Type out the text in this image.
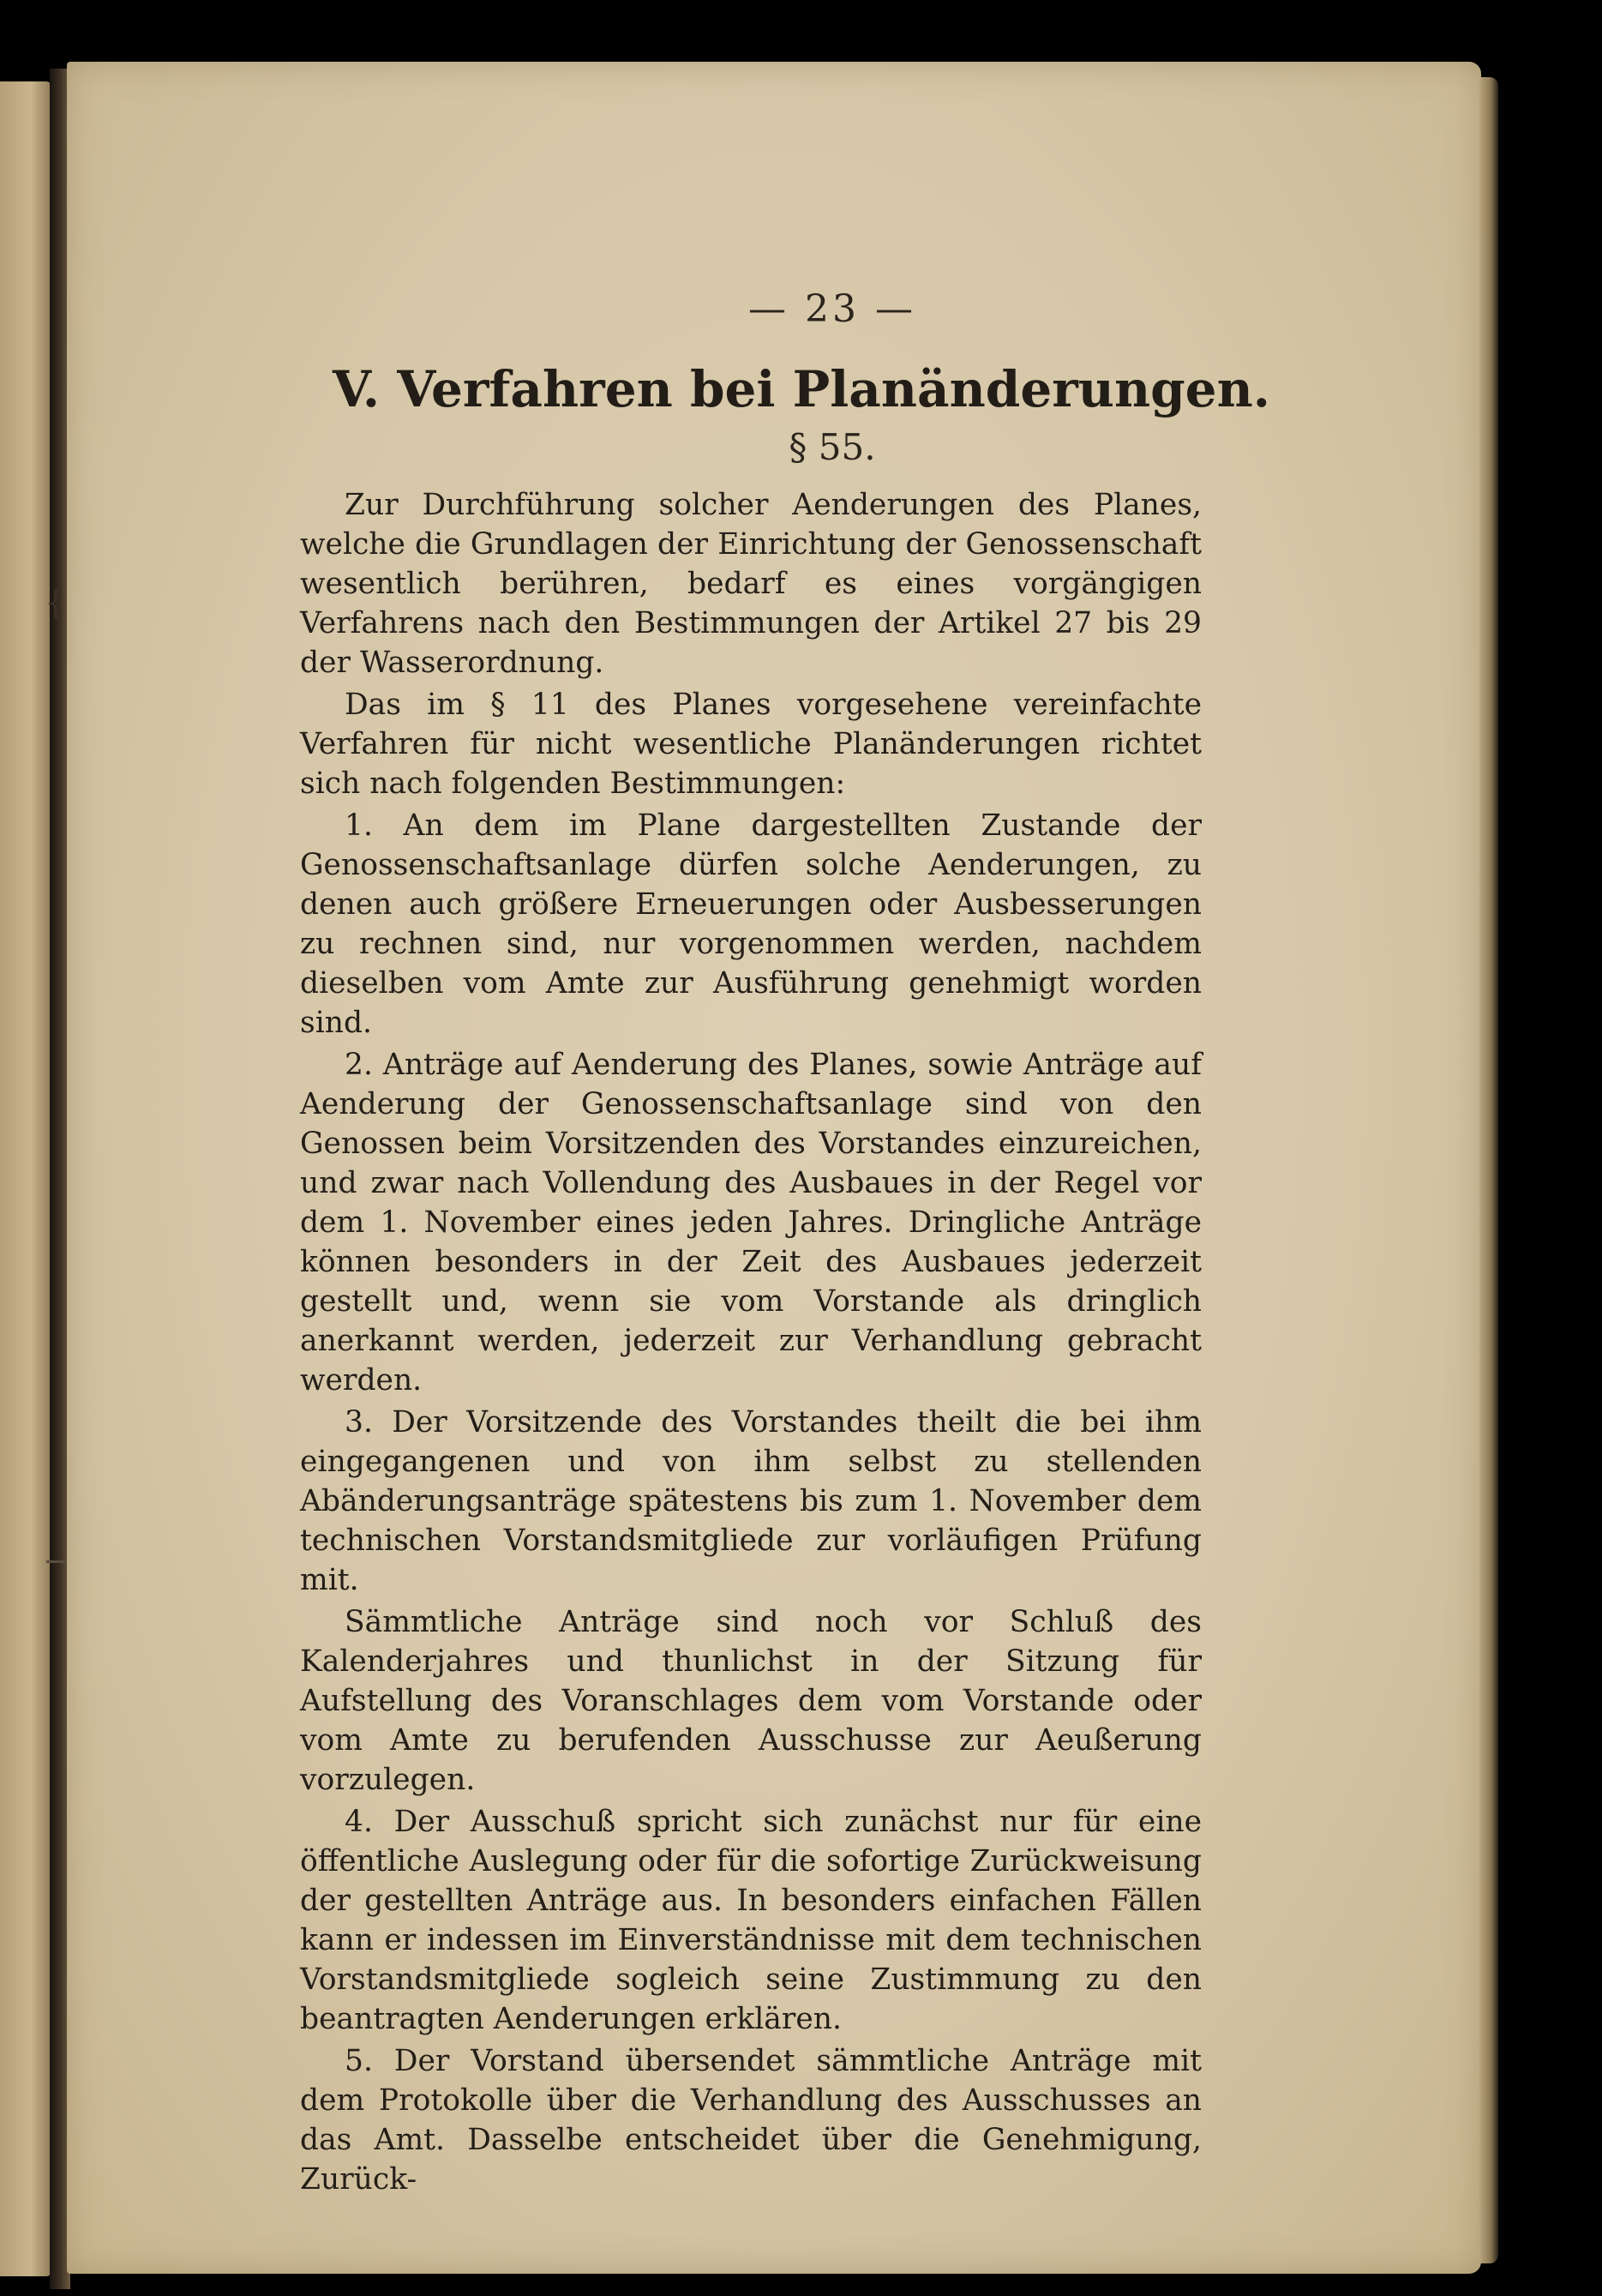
{
— 23 —
V. Verfahren bei Planänderungen.
§ 55.

Zur Durchführung solcher Aenderungen des Planes, welche die Grundlagen der Einrichtung der Genossenschaft wesentlich berühren, bedarf es eines vorgängigen Verfahrens nach den Bestimmungen der Artikel 27 bis 29 der Wasserordnung.

Das im § 11 des Planes vorgesehene vereinfachte Verfahren für nicht wesentliche Planänderungen richtet sich nach folgenden Bestimmungen:

1. An dem im Plane dargestellten Zustande der Genossenschaftsanlage dürfen solche Aenderungen, zu denen auch größere Erneuerungen oder Ausbesserungen zu rechnen sind, nur vorgenommen werden, nachdem dieselben vom Amte zur Ausführung genehmigt worden sind.

2. Anträge auf Aenderung des Planes, sowie Anträge auf Aenderung der Genossenschaftsanlage sind von den Genossen beim Vorsitzenden des Vorstandes einzureichen, und zwar nach Vollendung des Ausbaues in der Regel vor dem 1. November eines jeden Jahres. Dringliche Anträge können besonders in der Zeit des Ausbaues jederzeit gestellt und, wenn sie vom Vorstande als dringlich anerkannt werden, jederzeit zur Verhandlung gebracht werden.

3. Der Vorsitzende des Vorstandes theilt die bei ihm eingegangenen und von ihm selbst zu stellenden Abänderungsanträge spätestens bis zum 1. November dem technischen Vorstandsmitgliede zur vorläufigen Prüfung mit.

Sämmtliche Anträge sind noch vor Schluß des Kalenderjahres und thunlichst in der Sitzung für Aufstellung des Voranschlages dem vom Vorstande oder vom Amte zu berufenden Ausschusse zur Aeußerung vorzulegen.

4. Der Ausschuß spricht sich zunächst nur für eine öffentliche Auslegung oder für die sofortige Zurückweisung der gestellten Anträge aus. In besonders einfachen Fällen kann er indessen im Einverständnisse mit dem technischen Vorstandsmitgliede sogleich seine Zustimmung zu den beantragten Aenderungen erklären.

5. Der Vorstand übersendet sämmtliche Anträge mit dem Protokolle über die Verhandlung des Ausschusses an das Amt. Dasselbe entscheidet über die Genehmigung, Zurück-
